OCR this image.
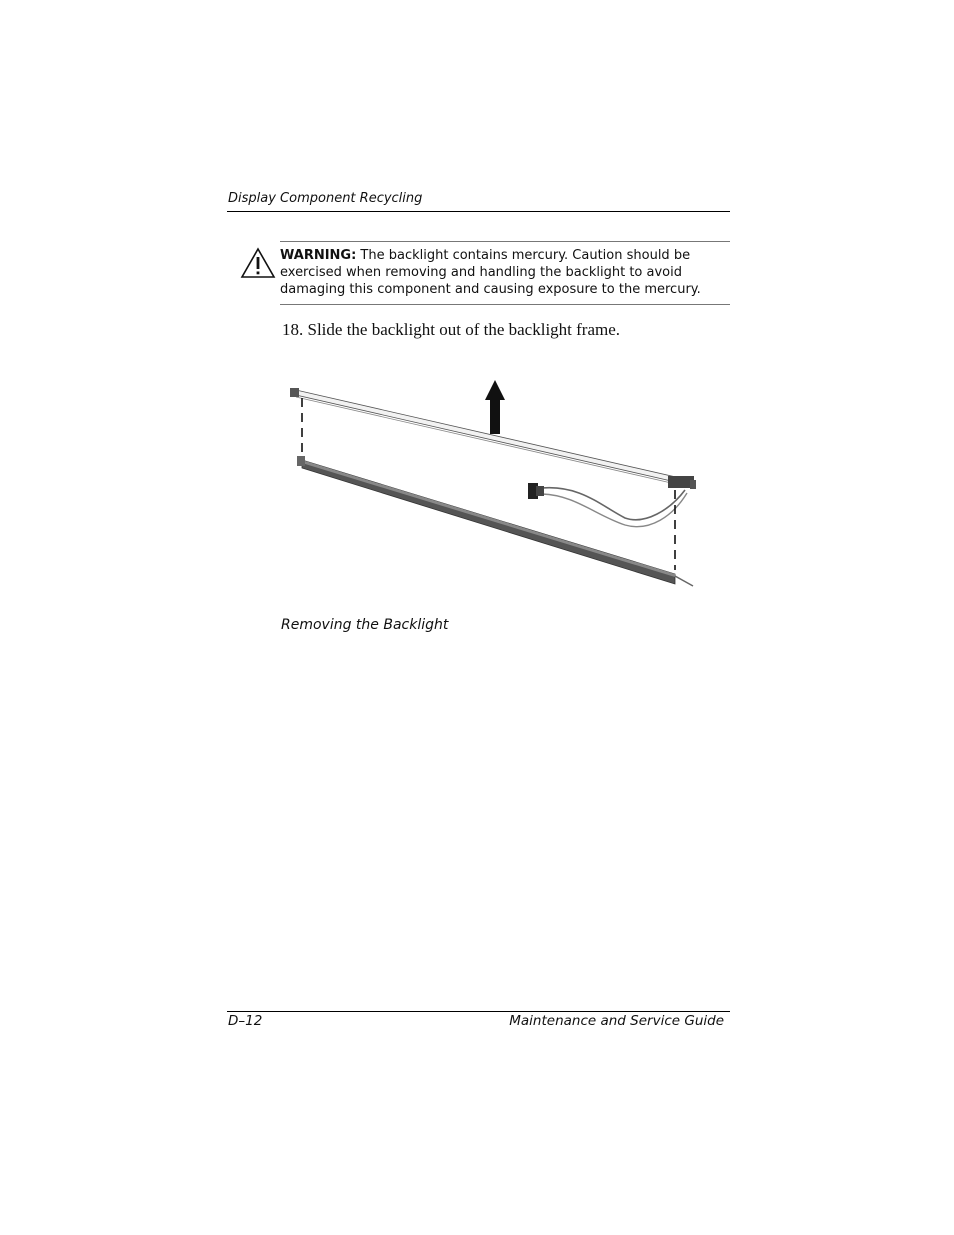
Display Component Recycling
WARNING: The backlight contains mercury. Caution should be exercised when removing and handling the backlight to avoid damaging this component and causing exposure to the mercury.
18. Slide the backlight out of the backlight frame.
Removing the Backlight
D–12	Maintenance and Service Guide
